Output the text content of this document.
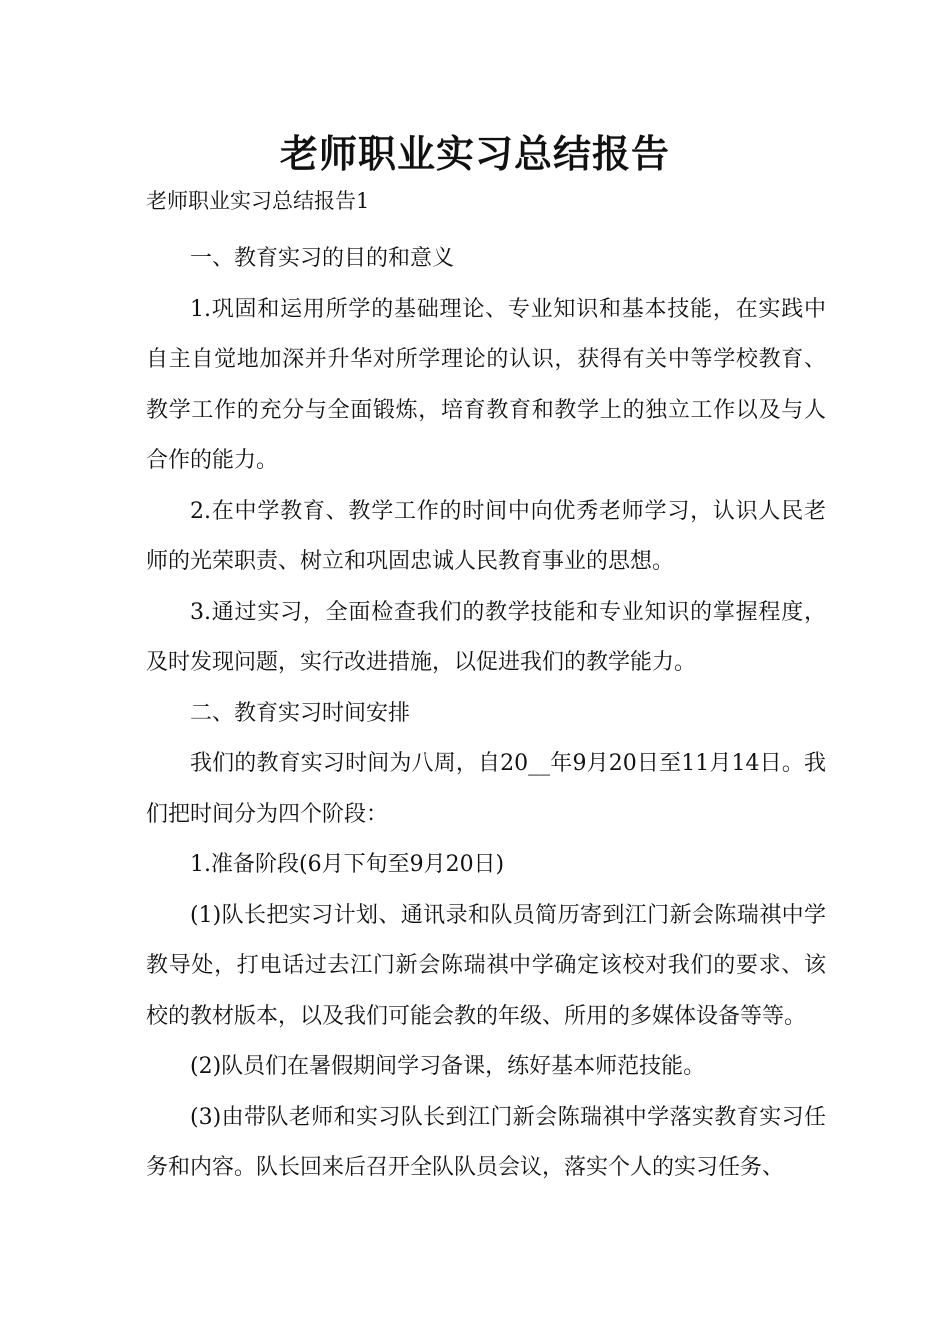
老师职业实习总结报告
老师职业实习总结报告1

一、教育实习的目的和意义

1.巩固和运用所学的基础理论、专业知识和基本技能，在实践中自主自觉地加深并升华对所学理论的认识，获得有关中等学校教育、教学工作的充分与全面锻炼，培育教育和教学上的独立工作以及与人合作的能力。

2.在中学教育、教学工作的时间中向优秀老师学习，认识人民老师的光荣职责、树立和巩固忠诚人民教育事业的思想。

3.通过实习，全面检查我们的教学技能和专业知识的掌握程度，及时发现问题，实行改进措施，以促进我们的教学能力。

二、教育实习时间安排

我们的教育实习时间为八周，自20__年9月20日至11月14日。我们把时间分为四个阶段：

1.准备阶段(6月下旬至9月20日)

(1)队长把实习计划、通讯录和队员简历寄到江门新会陈瑞祺中学教导处，打电话过去江门新会陈瑞祺中学确定该校对我们的要求、该校的教材版本，以及我们可能会教的年级、所用的多媒体设备等等。

(2)队员们在暑假期间学习备课，练好基本师范技能。

(3)由带队老师和实习队长到江门新会陈瑞祺中学落实教育实习任务和内容。队长回来后召开全队队员会议，落实个人的实习任务、
